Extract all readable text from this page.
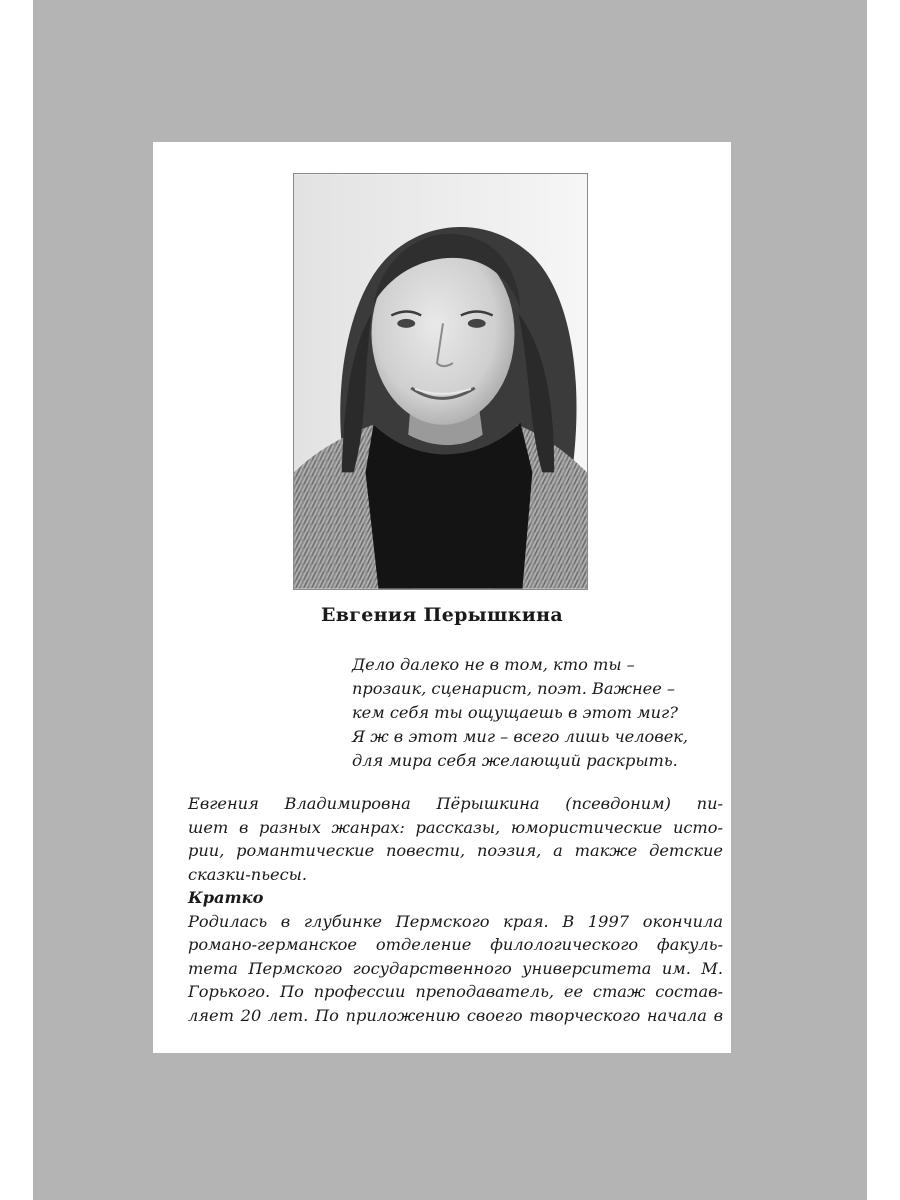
Евгения Перышкина
Дело далеко не в том, кто ты –
прозаик, сценарист, поэт. Важнее –
кем себя ты ощущаешь в этот миг?
Я ж в этот миг – всего лишь человек,
для мира себя желающий раскрыть.
Евгения Владимировна Пёрышкина (псевдоним) пи-
шет в разных жанрах: рассказы, юмористические исто-
рии, романтические повести, поэзия, а также детские
сказки-пьесы.
Кратко
Родилась в глубинке Пермского края. В 1997 окончила
романо-германское отделение филологического факуль-
тета Пермского государственного университета им. М.
Горького. По профессии преподаватель, ее стаж состав-
ляет 20 лет. По приложению своего творческого начала в
